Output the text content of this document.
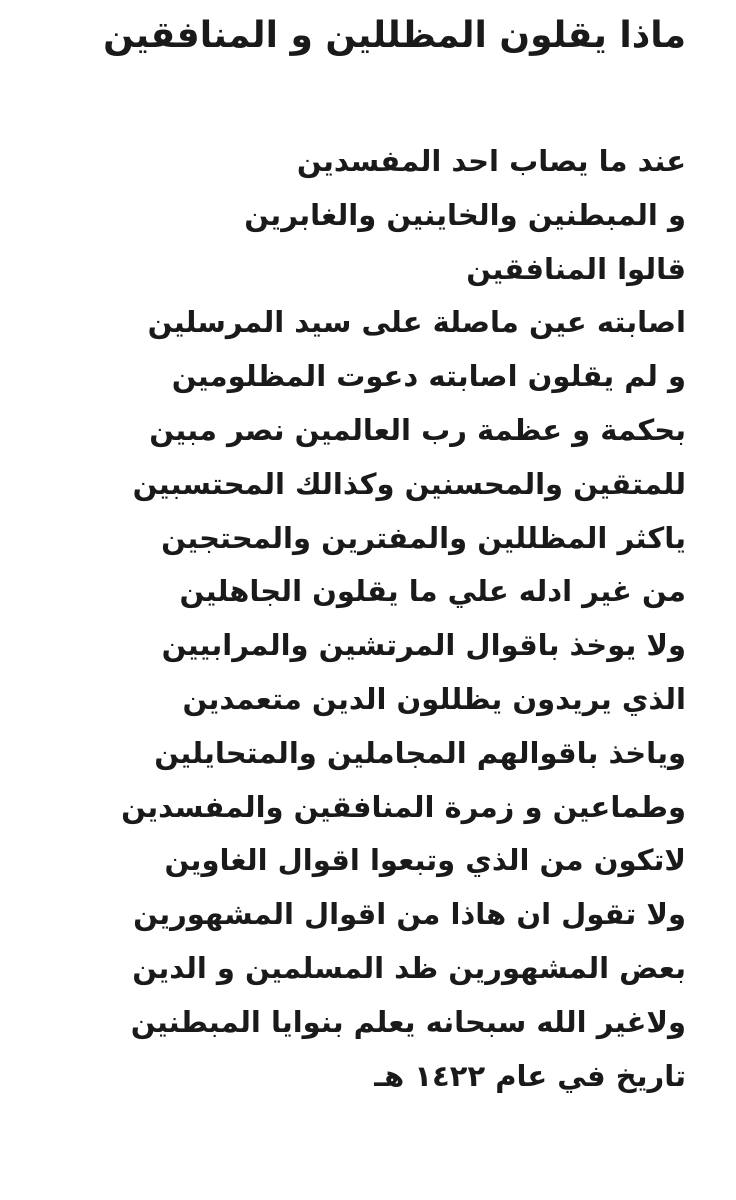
ماذا يقلون المظللين و المنافقين
عند ما يصاب احد المفسدين
و المبطنين والخاينين والغابرين
قالوا المنافقين
اصابته عين ماصلة على سيد المرسلين
و لم يقلون اصابته دعوت المظلومين
بحكمة و عظمة رب العالمين نصر مبين
للمتقين والمحسنين وكذالك المحتسبين
ياكثر المظللين والمفترين والمحتجين
من غير ادله علي ما يقلون الجاهلين
ولا يوخذ باقوال المرتشين والمرابيين
الذي يريدون يظللون الدين متعمدين
وياخذ باقوالهم المجاملين والمتحايلين
وطماعين و زمرة المنافقين والمفسدين
لاتكون من الذي وتبعوا اقوال الغاوين
ولا تقول ان هاذا من اقوال المشهورين
بعض المشهورين ظد المسلمين و الدين
ولاغير الله سبحانه يعلم بنوايا المبطنين
تاريخ في عام ١٤٢٢ هـ
